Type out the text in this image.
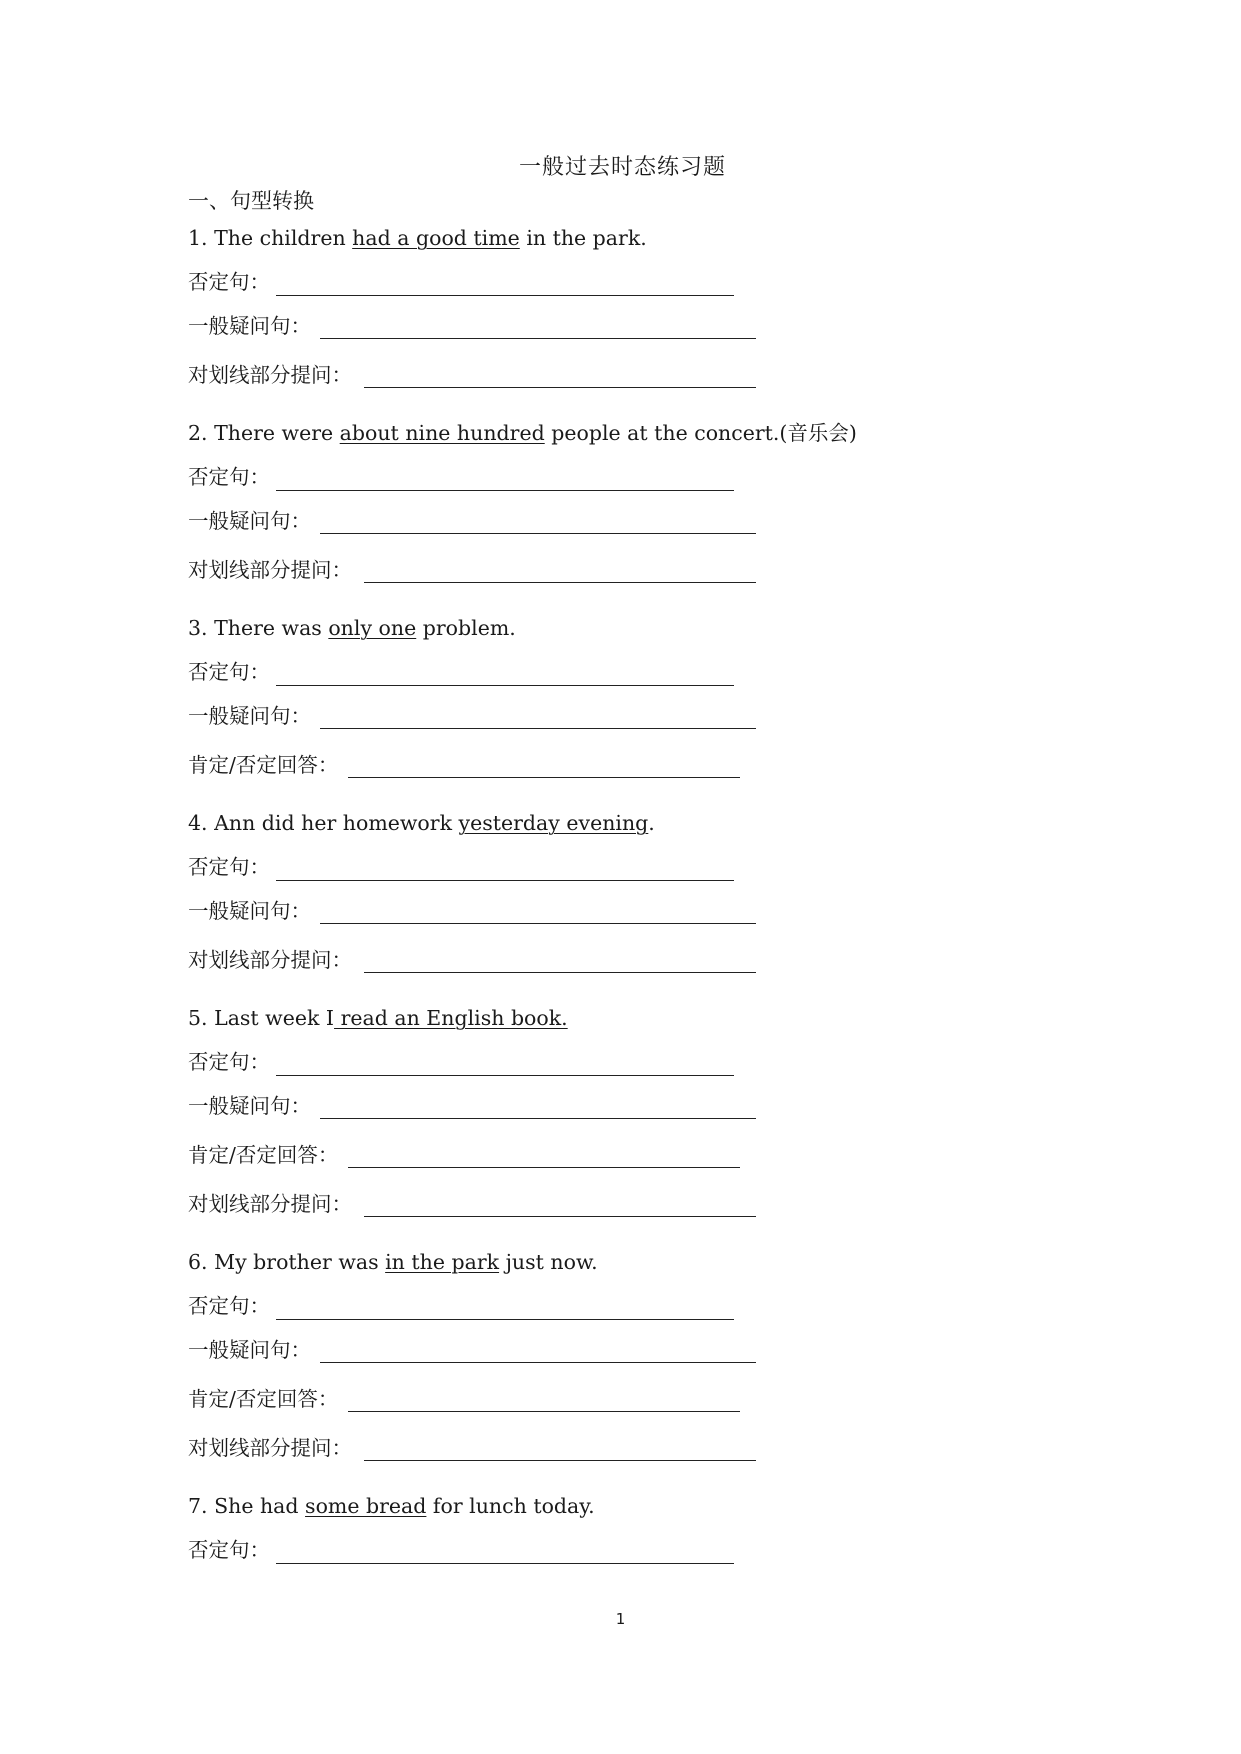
一般过去时态练习题
一、句型转换
1. The children had a good time in the park.
否定句：
一般疑问句：
对划线部分提问：
2. There were about nine hundred people at the concert.(音乐会)
否定句：
一般疑问句：
对划线部分提问：
3. There was only one problem.
否定句：
一般疑问句：
肯定/否定回答：
4. Ann did her homework yesterday evening.
否定句：
一般疑问句：
对划线部分提问：
5. Last week I read an English book.
否定句：
一般疑问句：
肯定/否定回答：
对划线部分提问：
6. My brother was in the park just now.
否定句：
一般疑问句：
肯定/否定回答：
对划线部分提问：
7. She had some bread for lunch today.
否定句：
1
